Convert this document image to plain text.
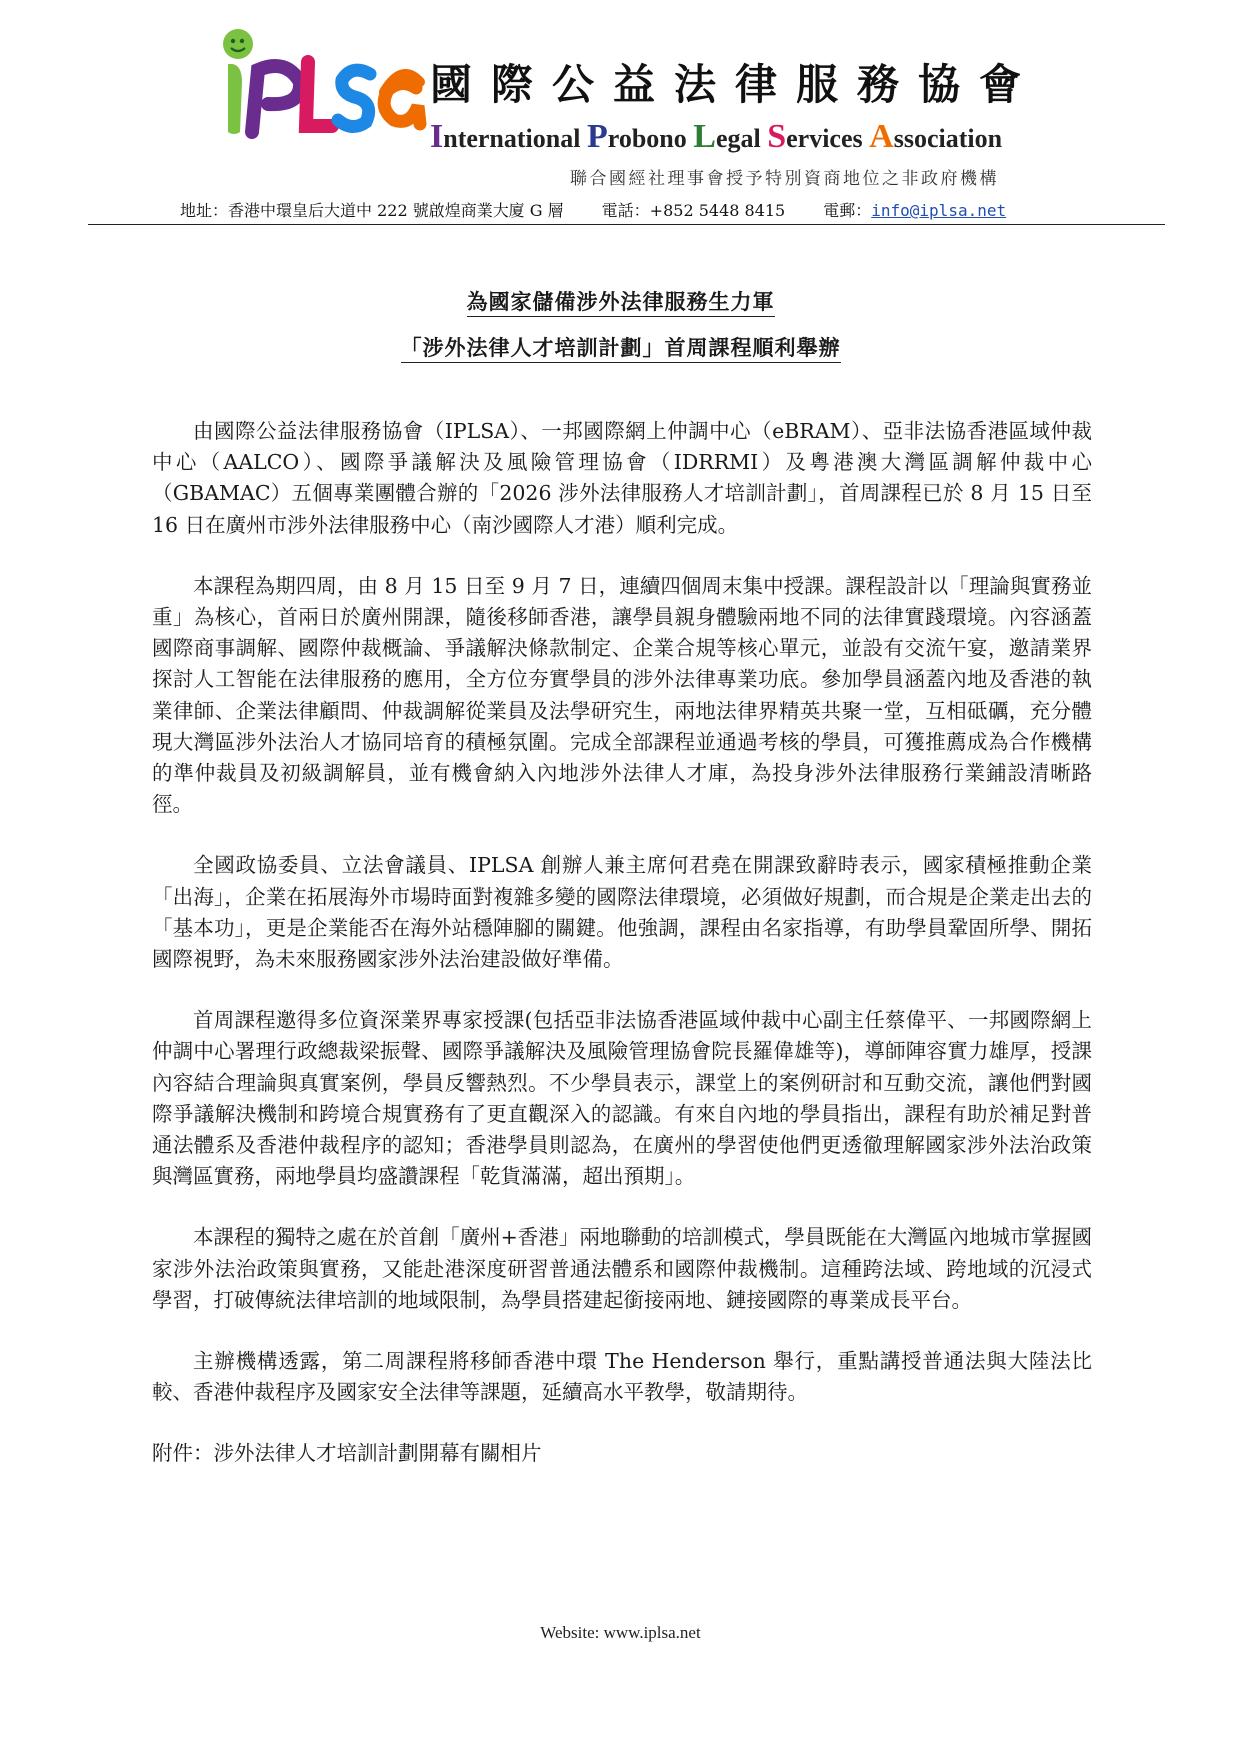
國際公益法律服務協會
International Probono Legal Services Association
聯合國經社理事會授予特別資商地位之非政府機構
地址：香港中環皇后大道中 222 號啟煌商業大廈 G 層 電話：+852 5448 8415 電郵：info@iplsa.net
為國家儲備涉外法律服務生力軍
「涉外法律人才培訓計劃」首周課程順利舉辦

由國際公益法律服務協會（IPLSA）、一邦國際網上仲調中心（eBRAM）、亞非法協香港區域仲裁中心（AALCO）、國際爭議解決及風險管理協會（IDRRMI）及粵港澳大灣區調解仲裁中心（GBAMAC）五個專業團體合辦的「2026 涉外法律服務人才培訓計劃」，首周課程已於 8 月 15 日至 16 日在廣州市涉外法律服務中心（南沙國際人才港）順利完成。

本課程為期四周，由 8 月 15 日至 9 月 7 日，連續四個周末集中授課。課程設計以「理論與實務並重」為核心，首兩日於廣州開課，隨後移師香港，讓學員親身體驗兩地不同的法律實踐環境。內容涵蓋國際商事調解、國際仲裁概論、爭議解決條款制定、企業合規等核心單元，並設有交流午宴，邀請業界探討人工智能在法律服務的應用，全方位夯實學員的涉外法律專業功底。參加學員涵蓋內地及香港的執業律師、企業法律顧問、仲裁調解從業員及法學研究生，兩地法律界精英共聚一堂，互相砥礪，充分體現大灣區涉外法治人才協同培育的積極氛圍。完成全部課程並通過考核的學員，可獲推薦成為合作機構的準仲裁員及初級調解員，並有機會納入內地涉外法律人才庫，為投身涉外法律服務行業鋪設清晰路徑。

全國政協委員、立法會議員、IPLSA 創辦人兼主席何君堯在開課致辭時表示，國家積極推動企業「出海」，企業在拓展海外市場時面對複雜多變的國際法律環境，必須做好規劃，而合規是企業走出去的「基本功」，更是企業能否在海外站穩陣腳的關鍵。他強調，課程由名家指導，有助學員鞏固所學、開拓國際視野，為未來服務國家涉外法治建設做好準備。

首周課程邀得多位資深業界專家授課(包括亞非法協香港區域仲裁中心副主任蔡偉平、一邦國際網上仲調中心署理行政總裁梁振聲、國際爭議解決及風險管理協會院長羅偉雄等)，導師陣容實力雄厚，授課內容結合理論與真實案例，學員反響熱烈。不少學員表示，課堂上的案例研討和互動交流，讓他們對國際爭議解決機制和跨境合規實務有了更直觀深入的認識。有來自內地的學員指出，課程有助於補足對普通法體系及香港仲裁程序的認知；香港學員則認為，在廣州的學習使他們更透徹理解國家涉外法治政策與灣區實務，兩地學員均盛讚課程「乾貨滿滿，超出預期」。

本課程的獨特之處在於首創「廣州+香港」兩地聯動的培訓模式，學員既能在大灣區內地城市掌握國家涉外法治政策與實務，又能赴港深度研習普通法體系和國際仲裁機制。這種跨法域、跨地域的沉浸式學習，打破傳統法律培訓的地域限制，為學員搭建起銜接兩地、鏈接國際的專業成長平台。

主辦機構透露，第二周課程將移師香港中環 The Henderson 舉行，重點講授普通法與大陸法比較、香港仲裁程序及國家安全法律等課題，延續高水平教學，敬請期待。

附件：涉外法律人才培訓計劃開幕有關相片

Website: www.iplsa.net
